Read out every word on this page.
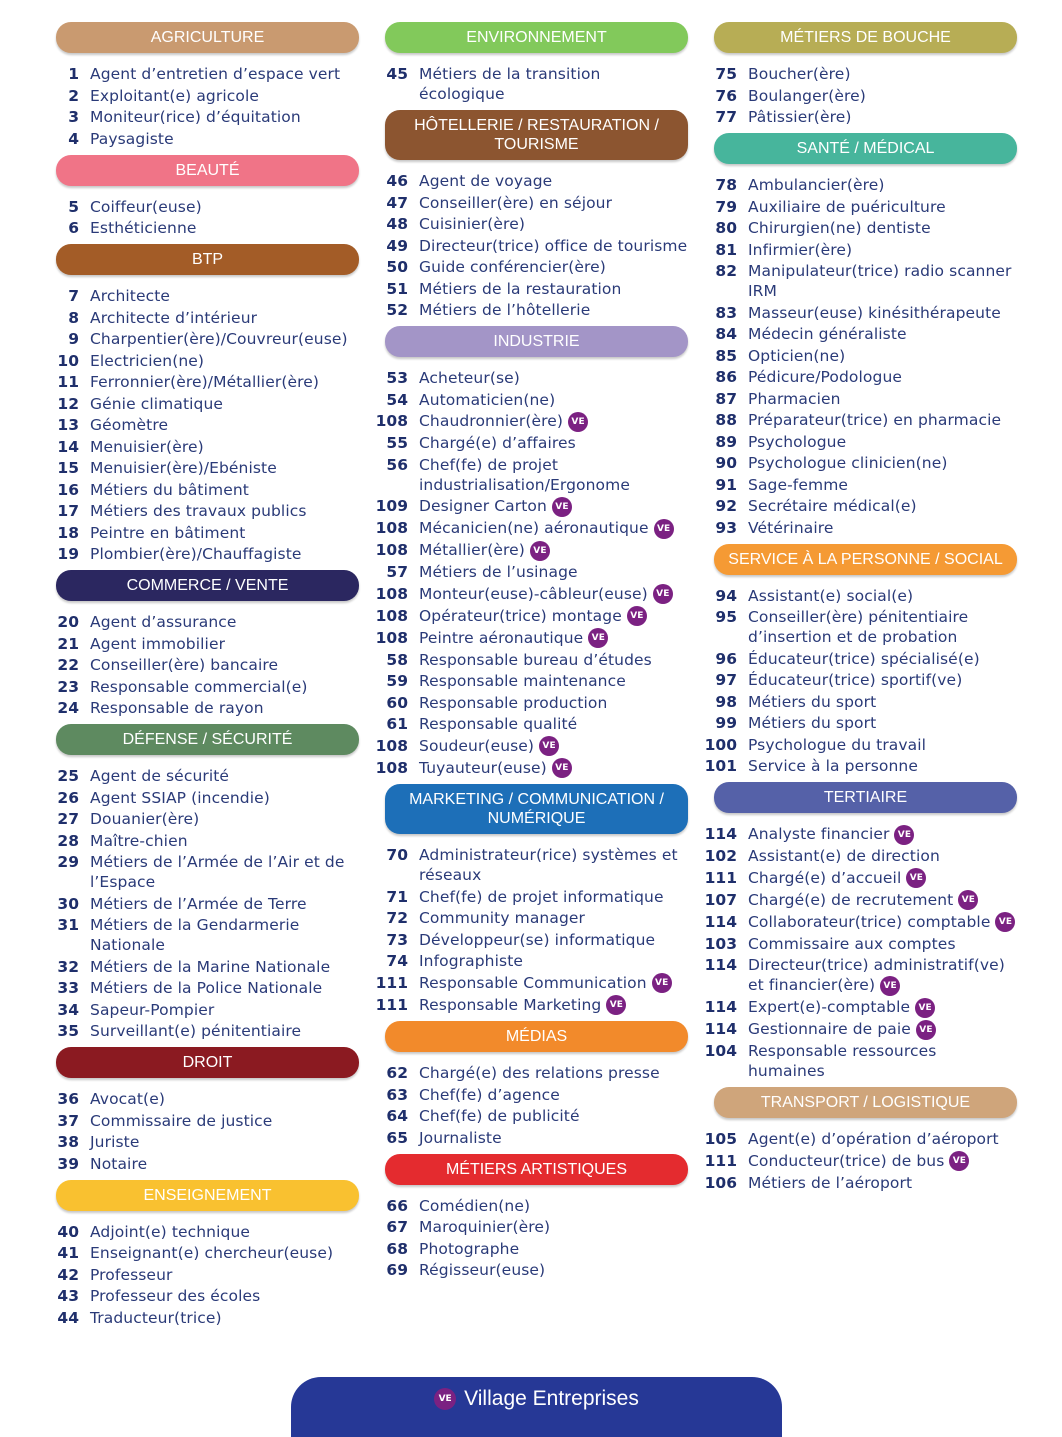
AGRICULTURE
1 Agent d’entretien d’espace vert
2 Exploitant(e) agricole
3 Moniteur(rice) d’équitation
4 Paysagiste
BEAUTÉ
5 Coiffeur(euse)
6 Esthéticienne
BTP
7 Architecte
8 Architecte d’intérieur
9 Charpentier(ère)/Couvreur(euse)
10 Electricien(ne)
11 Ferronnier(ère)/Métallier(ère)
12 Génie climatique
13 Géomètre
14 Menuisier(ère)
15 Menuisier(ère)/Ebéniste
16 Métiers du bâtiment
17 Métiers des travaux publics
18 Peintre en bâtiment
19 Plombier(ère)/Chauffagiste
COMMERCE / VENTE
20 Agent d’assurance
21 Agent immobilier
22 Conseiller(ère) bancaire
23 Responsable commercial(e)
24 Responsable de rayon
DÉFENSE / SÉCURITÉ
25 Agent de sécurité
26 Agent SSIAP (incendie)
27 Douanier(ère)
28 Maître-chien
29 Métiers de l’Armée de l’Air et de l’Espace
30 Métiers de l’Armée de Terre
31 Métiers de la Gendarmerie Nationale
32 Métiers de la Marine Nationale
33 Métiers de la Police Nationale
34 Sapeur-Pompier
35 Surveillant(e) pénitentiaire
DROIT
36 Avocat(e)
37 Commissaire de justice
38 Juriste
39 Notaire
ENSEIGNEMENT
40 Adjoint(e) technique
41 Enseignant(e) chercheur(euse)
42 Professeur
43 Professeur des écoles
44 Traducteur(trice)
ENVIRONNEMENT
45 Métiers de la transition écologique
HÔTELLERIE / RESTAURATION / TOURISME
46 Agent de voyage
47 Conseiller(ère) en séjour
48 Cuisinier(ère)
49 Directeur(trice) office de tourisme
50 Guide conférencier(ère)
51 Métiers de la restauration
52 Métiers de l’hôtellerie
INDUSTRIE
53 Acheteur(se)
54 Automaticien(ne)
108 Chaudronnier(ère) VE
55 Chargé(e) d’affaires
56 Chef(fe) de projet industrialisation/Ergonome
109 Designer Carton VE
108 Mécanicien(ne) aéronautique VE
108 Métallier(ère) VE
57 Métiers de l’usinage
108 Monteur(euse)-câbleur(euse) VE
108 Opérateur(trice) montage VE
108 Peintre aéronautique VE
58 Responsable bureau d’études
59 Responsable maintenance
60 Responsable production
61 Responsable qualité
108 Soudeur(euse) VE
108 Tuyauteur(euse) VE
MARKETING / COMMUNICATION / NUMÉRIQUE
70 Administrateur(rice) systèmes et réseaux
71 Chef(fe) de projet informatique
72 Community manager
73 Développeur(se) informatique
74 Infographiste
111 Responsable Communication VE
111 Responsable Marketing VE
MÉDIAS
62 Chargé(e) des relations presse
63 Chef(fe) d’agence
64 Chef(fe) de publicité
65 Journaliste
MÉTIERS ARTISTIQUES
66 Comédien(ne)
67 Maroquinier(ère)
68 Photographe
69 Régisseur(euse)
MÉTIERS DE BOUCHE
75 Boucher(ère)
76 Boulanger(ère)
77 Pâtissier(ère)
SANTÉ / MÉDICAL
78 Ambulancier(ère)
79 Auxiliaire de puériculture
80 Chirurgien(ne) dentiste
81 Infirmier(ère)
82 Manipulateur(trice) radio scanner IRM
83 Masseur(euse) kinésithérapeute
84 Médecin généraliste
85 Opticien(ne)
86 Pédicure/Podologue
87 Pharmacien
88 Préparateur(trice) en pharmacie
89 Psychologue
90 Psychologue clinicien(ne)
91 Sage-femme
92 Secrétaire médical(e)
93 Vétérinaire
SERVICE À LA PERSONNE / SOCIAL
94 Assistant(e) social(e)
95 Conseiller(ère) pénitentiaire d’insertion et de probation
96 Éducateur(trice) spécialisé(e)
97 Éducateur(trice) sportif(ve)
98 Métiers du sport
99 Métiers du sport
100 Psychologue du travail
101 Service à la personne
TERTIAIRE
114 Analyste financier VE
102 Assistant(e) de direction
111 Chargé(e) d’accueil VE
107 Chargé(e) de recrutement VE
114 Collaborateur(trice) comptable VE
103 Commissaire aux comptes
114 Directeur(trice) administratif(ve) et financier(ère) VE
114 Expert(e)-comptable VE
114 Gestionnaire de paie VE
104 Responsable ressources humaines
TRANSPORT / LOGISTIQUE
105 Agent(e) d’opération d’aéroport
111 Conducteur(trice) de bus VE
106 Métiers de l’aéroport
VE Village Entreprises
